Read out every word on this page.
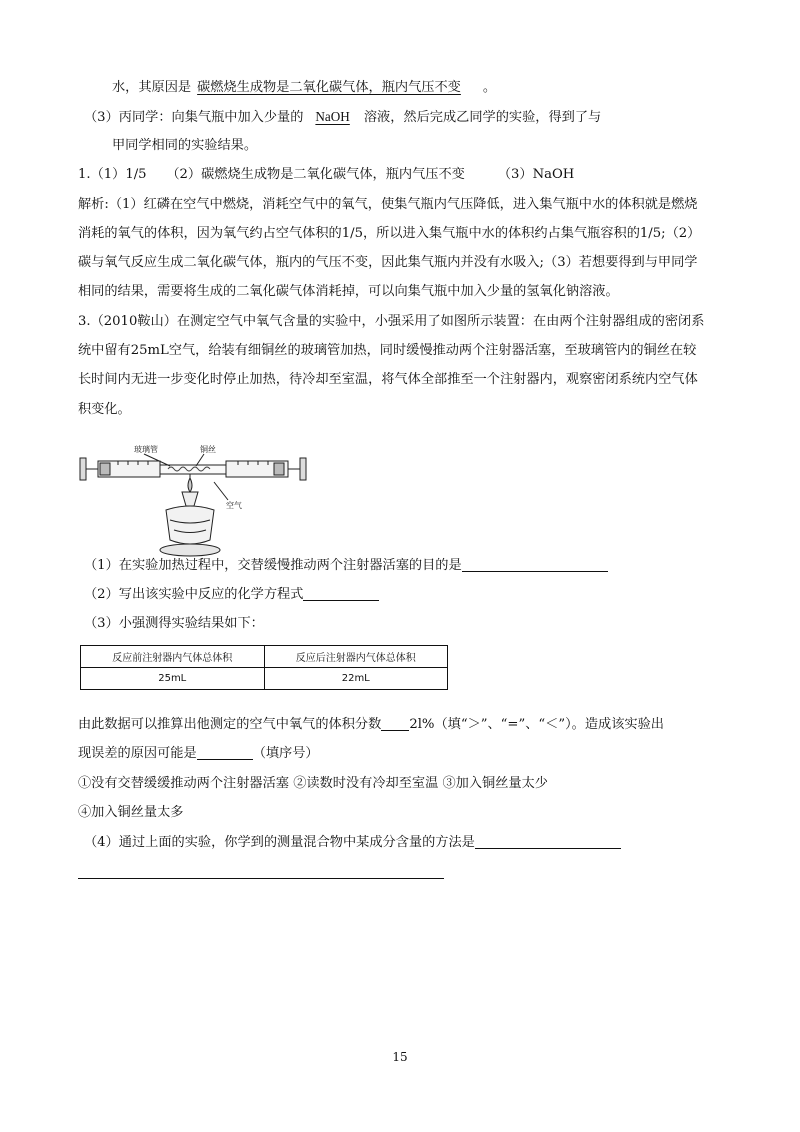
水，其原因是 碳燃烧生成物是二氧化碳气体，瓶内气压不变 。
（3）丙同学：向集气瓶中加入少量的 NaOH 溶液，然后完成乙同学的实验，得到了与
甲同学相同的实验结果。
1.（1）1/5　　（2）碳燃烧生成物是二氧化碳气体，瓶内气压不变　　　（3）NaOH
解析:（1）红磷在空气中燃烧，消耗空气中的氧气，使集气瓶内气压降低，进入集气瓶中水的体积就是燃烧
消耗的氧气的体积，因为氧气约占空气体积的1/5，所以进入集气瓶中水的体积约占集气瓶容积的1/5;（2）
碳与氧气反应生成二氧化碳气体，瓶内的气压不变，因此集气瓶内并没有水吸入;（3）若想要得到与甲同学
相同的结果，需要将生成的二氧化碳气体消耗掉，可以向集气瓶中加入少量的氢氧化钠溶液。
3.（2010鞍山）在测定空气中氧气含量的实验中，小强采用了如图所示装置：在由两个注射器组成的密闭系
统中留有25mL空气，给装有细铜丝的玻璃管加热，同时缓慢推动两个注射器活塞，至玻璃管内的铜丝在较
长时间内无进一步变化时停止加热，待冷却至室温，将气体全部推至一个注射器内，观察密闭系统内空气体
积变化。
玻璃管	铜丝
空气
（1）在实验加热过程中，交替缓慢推动两个注射器活塞的目的是
（2）写出该实验中反应的化学方程式
（3）小强测得实验结果如下：
反应前注射器内气体总体积	反应后注射器内气体总体积
25mL	22mL
由此数据可以推算出他测定的空气中氧气的体积分数 2l%（填“＞”、“=”、“＜”）。造成该实验出
现误差的原因可能是	（填序号）
①没有交替缓缓推动两个注射器活塞 ②读数时没有冷却至室温 ③加入铜丝量太少
④加入铜丝量太多
（4）通过上面的实验，你学到的测量混合物中某成分含量的方法是
15
